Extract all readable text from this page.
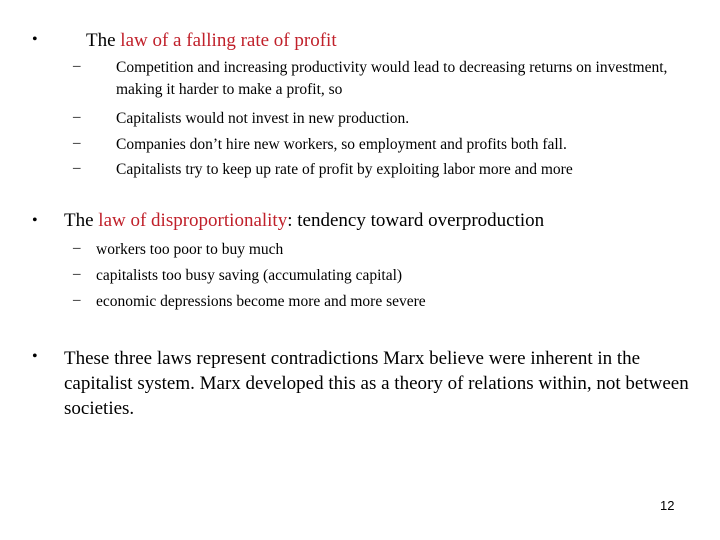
•	The law of a falling rate of profit
– Competition and increasing productivity would lead to decreasing returns on investment, making it harder to make a profit, so
– Capitalists would not invest in new production.
– Companies don’t hire new workers, so employment and profits both fall.
– Capitalists try to keep up rate of profit by exploiting labor more and more
• The law of disproportionality: tendency toward overproduction
– workers too poor to buy much
– capitalists too busy saving (accumulating capital)
– economic depressions become more and more severe
• These three laws represent contradictions Marx believe were inherent in the capitalist system. Marx developed this as a theory of relations within, not between societies.
12
